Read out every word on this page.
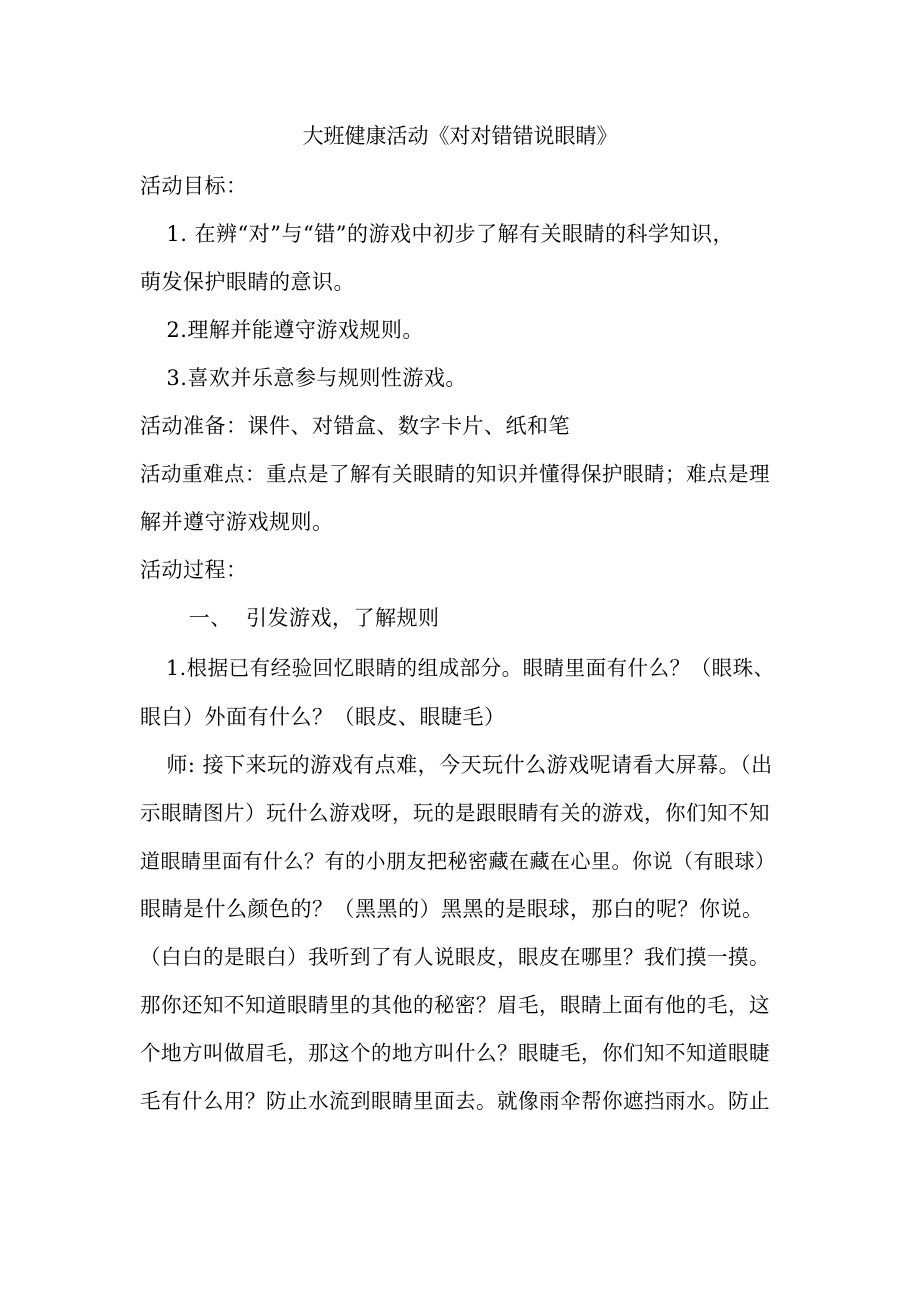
大班健康活动《对对错错说眼睛》
活动目标：
1. 在辨“对”与“错”的游戏中初步了解有关眼睛的科学知识，
萌发保护眼睛的意识。
2.理解并能遵守游戏规则。
3.喜欢并乐意参与规则性游戏。
活动准备：课件、对错盒、数字卡片、纸和笔
活动重难点：重点是了解有关眼睛的知识并懂得保护眼睛；难点是理
解并遵守游戏规则。
活动过程：
一、  引发游戏，了解规则
1.根据已有经验回忆眼睛的组成部分。眼睛里面有什么？（眼珠、
眼白）外面有什么？（眼皮、眼睫毛）
师: 接下来玩的游戏有点难，今天玩什么游戏呢请看大屏幕。（出
示眼睛图片）玩什么游戏呀，玩的是跟眼睛有关的游戏，你们知不知
道眼睛里面有什么？有的小朋友把秘密藏在藏在心里。你说（有眼球）
眼睛是什么颜色的？（黑黑的）黑黑的是眼球，那白的呢？你说。
（白白的是眼白）我听到了有人说眼皮，眼皮在哪里？我们摸一摸。
那你还知不知道眼睛里的其他的秘密？眉毛，眼睛上面有他的毛，这
个地方叫做眉毛，那这个的地方叫什么？眼睫毛，你们知不知道眼睫
毛有什么用？防止水流到眼睛里面去。就像雨伞帮你遮挡雨水。防止
